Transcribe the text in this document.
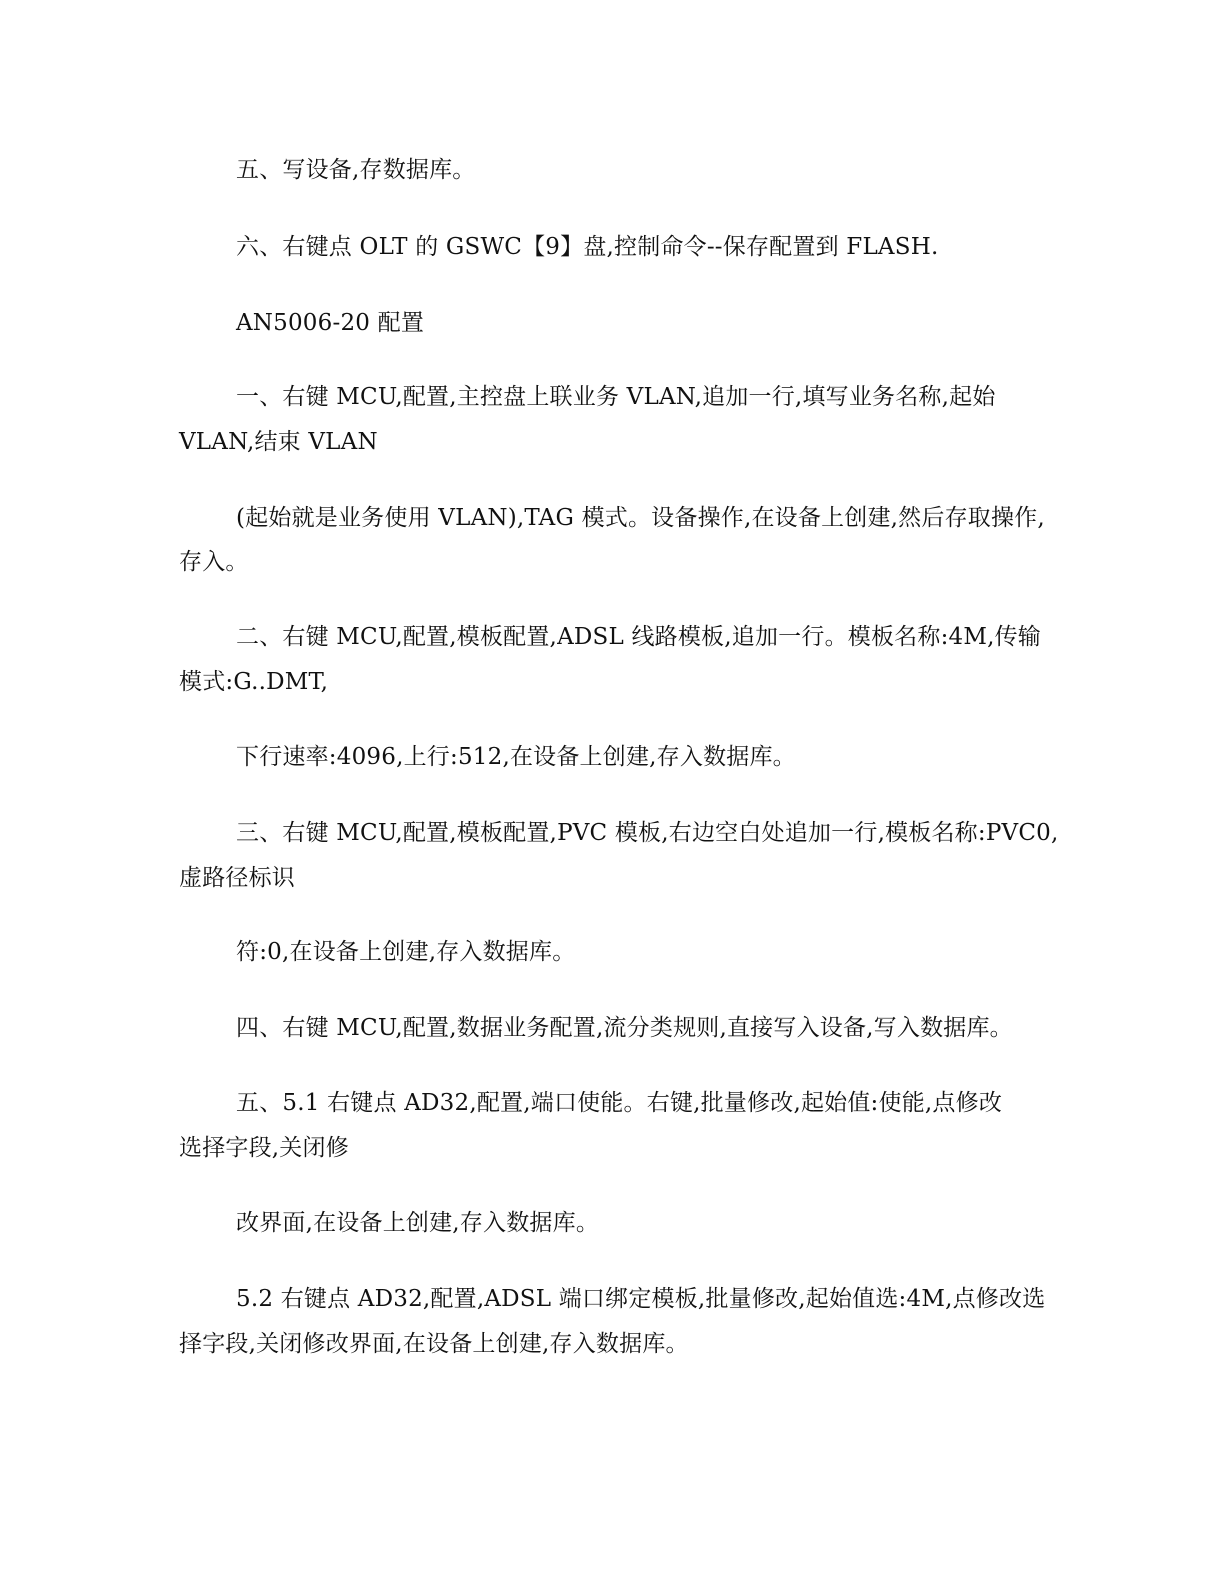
五、写设备,存数据库。
六、右键点 OLT 的 GSWC【9】盘,控制命令--保存配置到 FLASH.
AN5006-20 配置
一、右键 MCU,配置,主控盘上联业务 VLAN,追加一行,填写业务名称,起始
VLAN,结束 VLAN
(起始就是业务使用 VLAN),TAG 模式。设备操作,在设备上创建,然后存取操作,
存入。
二、右键 MCU,配置,模板配置,ADSL 线路模板,追加一行。模板名称:4M,传输
模式:G..DMT,
下行速率:4096,上行:512,在设备上创建,存入数据库。
三、右键 MCU,配置,模板配置,PVC 模板,右边空白处追加一行,模板名称:PVC0,
虚路径标识
符:0,在设备上创建,存入数据库。
四、右键 MCU,配置,数据业务配置,流分类规则,直接写入设备,写入数据库。
五、5.1 右键点 AD32,配置,端口使能。右键,批量修改,起始值:使能,点修改
选择字段,关闭修
改界面,在设备上创建,存入数据库。
5.2 右键点 AD32,配置,ADSL 端口绑定模板,批量修改,起始值选:4M,点修改选
择字段,关闭修改界面,在设备上创建,存入数据库。
